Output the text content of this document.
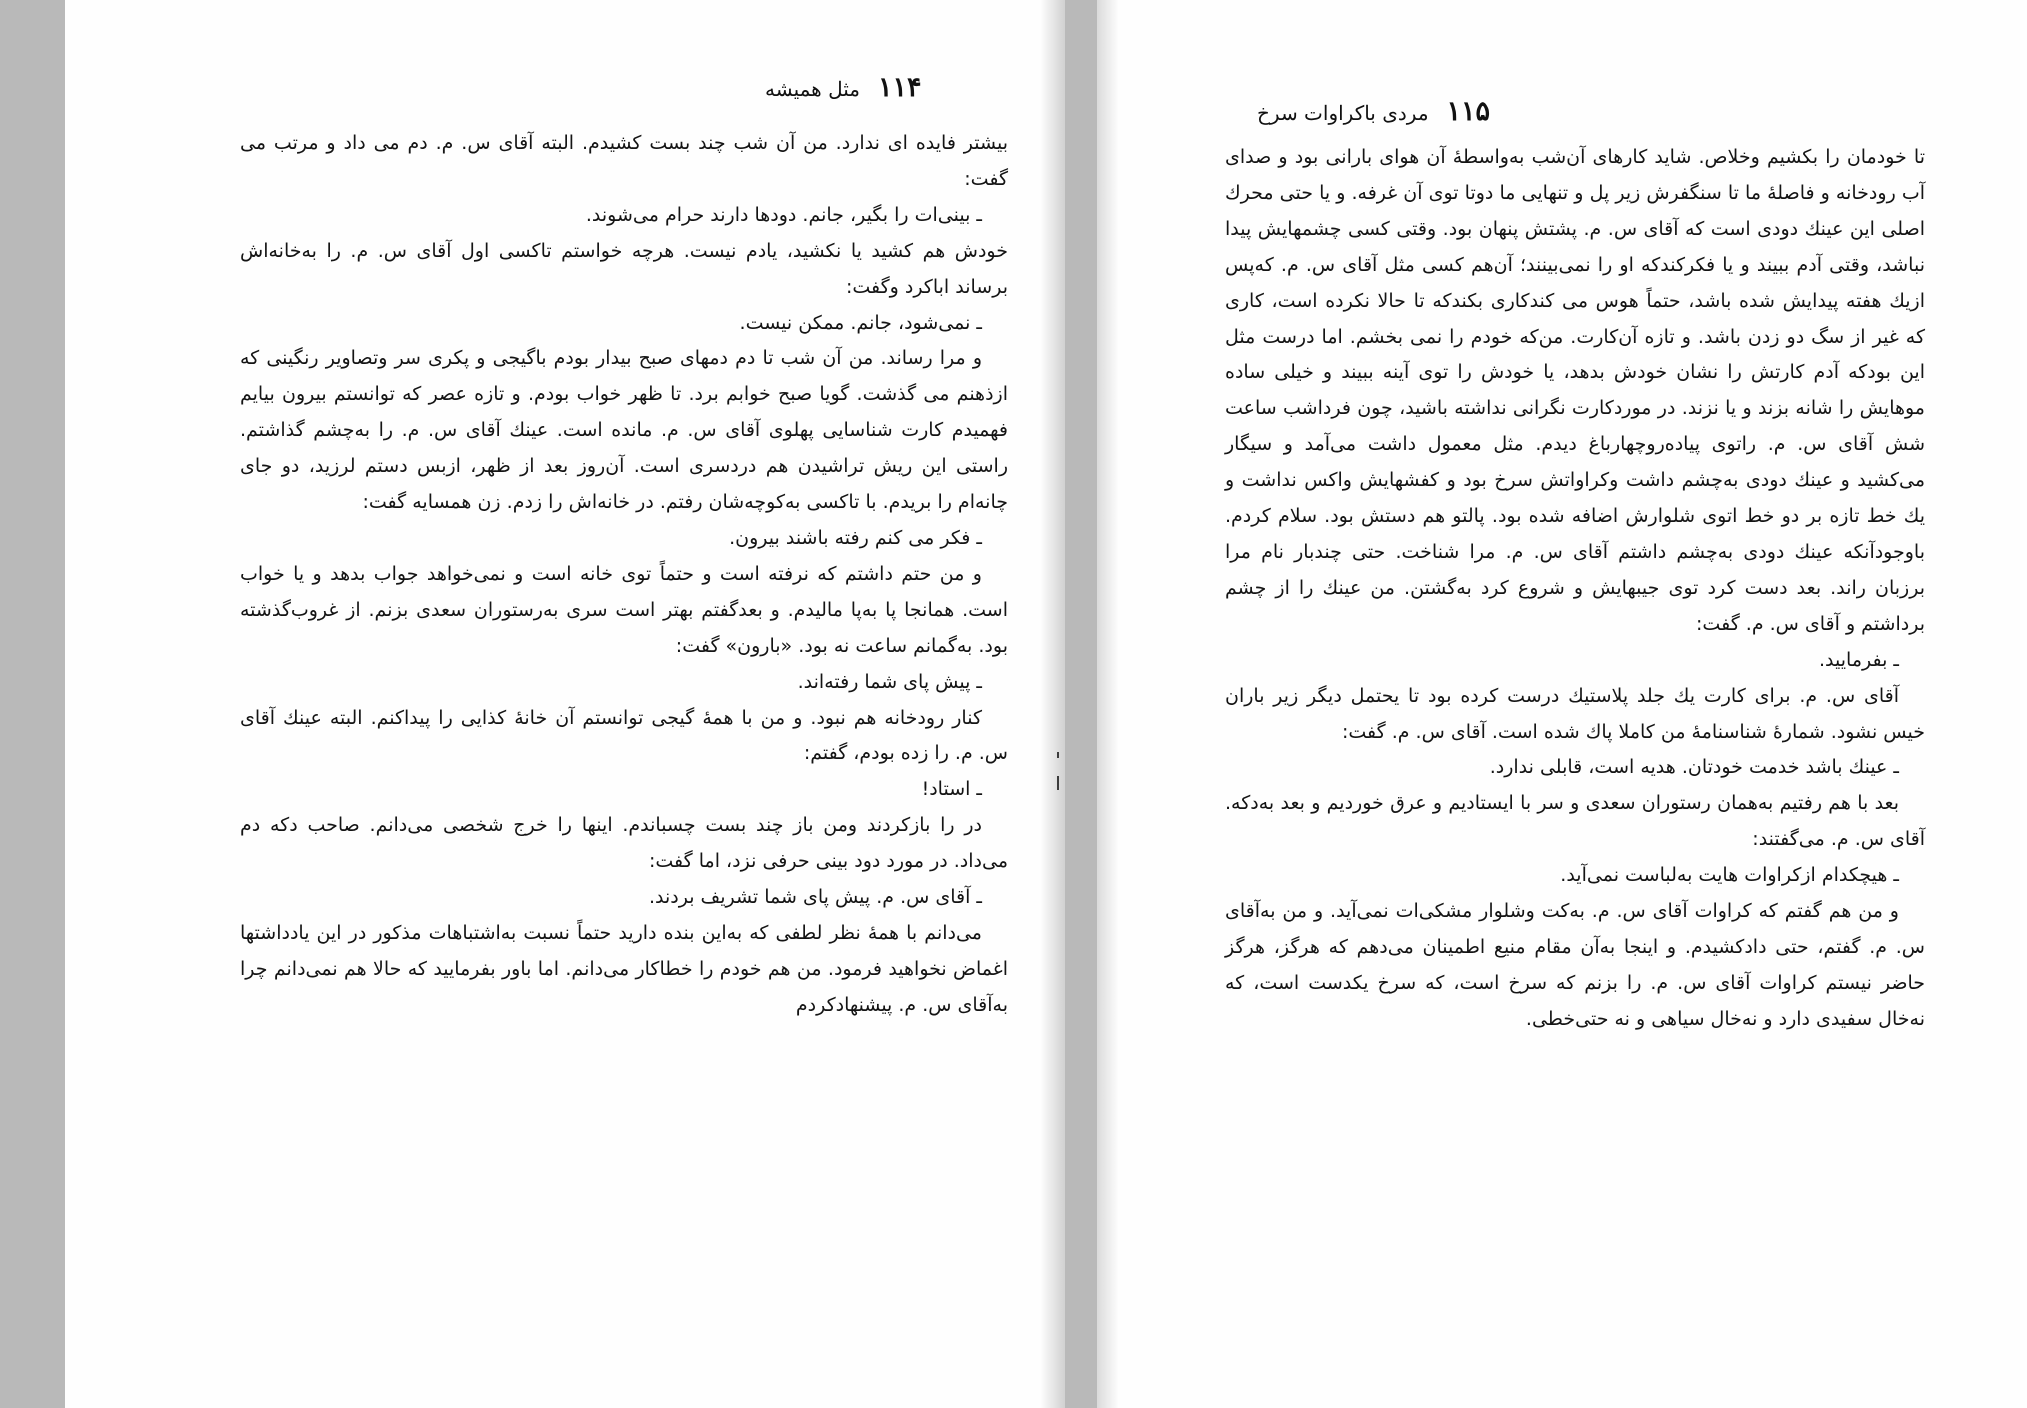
۱۱۴
مثل همیشه

بیشتر فایده ای ندارد. من آن شب چند بست کشیدم. البته آقای س. م. دم می داد و مرتب می گفت:

ـ بینی‌ات را بگیر، جانم. دودها دارند حرام می‌شوند.

خودش هم کشید یا نکشید، یادم نیست. هرچه خواستم تاکسی اول آقای س. م. را به‌خانه‌اش برساند اباکرد وگفت:

ـ نمی‌شود، جانم. ممکن نیست.

و مرا رساند. من آن شب تا دم دمهای صبح بیدار بودم باگیجی و پکری سر وتصاویر رنگینی که ازذهنم می گذشت. گویا صبح خوابم برد. تا ظهر خواب بودم. و تازه عصر که توانستم بیرون بیایم فهمیدم کارت شناسایی پهلوی آقای س. م. مانده است. عینك آقای س. م. را به‌چشم گذاشتم. راستی این ریش تراشیدن هم دردسری است. آن‌روز بعد از ظهر، ازبس دستم لرزید، دو جای چانه‌ام را بریدم. با تاکسی به‌کوچه‌شان رفتم. در خانه‌اش را زدم. زن همسایه گفت:

ـ فکر می کنم رفته باشند بیرون.

و من حتم داشتم که نرفته است و حتماً توی خانه است و نمی‌خواهد جواب بدهد و یا خواب است. همانجا پا به‌پا مالیدم. و بعدگفتم بهتر است سری به‌رستوران سعدی بزنم. از غروب‌گذشته بود. به‌گمانم ساعت نه بود. «بارون» گفت:

ـ پیش پای شما رفته‌اند.

کنار رودخانه هم نبود. و من با همهٔ گیجی توانستم آن خانهٔ کذایی را پیداکنم. البته عینك آقای س. م. را زده بودم، گفتم:

ـ استاد!

در را بازکردند ومن باز چند بست چسباندم. اینها را خرج شخصی می‌دانم. صاحب دکه دم می‌داد. در مورد دود بینی حرفی نزد، اما گفت:

ـ آقای س. م. پیش پای شما تشریف بردند.

می‌دانم با همهٔ نظر لطفی که به‌این بنده دارید حتماً نسبت به‌اشتباهات مذکور در این یادداشتها اغماض نخواهید فرمود. من هم خودم را خطاکار می‌دانم. اما باور بفرمایید که حالا هم نمی‌دانم چرا به‌آقای س. م. پیشنهادکردم

۱۱۵
مردی باکراوات سرخ

تا خودمان را بکشیم وخلاص. شاید کارهای آن‌شب به‌واسطهٔ آن هوای بارانی بود و صدای آب رودخانه و فاصلهٔ ما تا سنگفرش زیر پل و تنهایی ما دوتا توی آن غرفه. و یا حتی محرك اصلی این عینك دودی است که آقای س. م. پشتش پنهان بود. وقتی کسی چشمهایش پیدا نباشد، وقتی آدم ببیند و یا فکرکندکه او را نمی‌بینند؛ آن‌هم کسی مثل آقای س. م. که‌پس ازیك هفته پیدایش شده باشد، حتماً هوس می کندکاری بکندکه تا حالا نکرده است، کاری که غیر از سگ دو زدن باشد. و تازه آن‌کارت. من‌که خودم را نمی بخشم. اما درست مثل این بودکه آدم کارتش را نشان خودش بدهد، یا خودش را توی آینه ببیند و خیلی ساده موهایش را شانه بزند و یا نزند. در موردکارت نگرانی نداشته باشید، چون فرداشب ساعت شش آقای س. م. راتوی پیاده‌روچهارباغ دیدم. مثل معمول داشت می‌آمد و سیگار می‌کشید و عینك دودی به‌چشم داشت وکراواتش سرخ بود و کفشهایش واکس نداشت و یك خط تازه بر دو خط اتوی شلوارش اضافه شده بود. پالتو هم دستش بود. سلام کردم. باوجودآنکه عینك دودی به‌چشم داشتم آقای س. م. مرا شناخت. حتی چندبار نام مرا برزبان راند. بعد دست کرد توی جیبهایش و شروع کرد به‌گشتن. من عینك را از چشم برداشتم و آقای س. م. گفت:

ـ بفرمایید.

آقای س. م. برای کارت یك جلد پلاستیك درست کرده بود تا یحتمل دیگر زیر باران خیس نشود. شمارهٔ شناسنامهٔ من کاملا پاك شده است. آقای س. م. گفت:

ـ عینك باشد خدمت خودتان. هدیه است، قابلی ندارد.

بعد با هم رفتیم به‌همان رستوران سعدی و سر با ایستادیم و عرق خوردیم و بعد به‌دکه. آقای س. م. می‌گفتند:

ـ هیچکدام ازکراوات هایت به‌لباست نمی‌آید.

و من هم گفتم که کراوات آقای س. م. به‌کت وشلوار مشکی‌ات نمی‌آید. و من به‌آقای س. م. گفتم، حتی دادکشیدم. و اینجا به‌آن مقام منیع اطمینان می‌دهم که هرگز، هرگز حاضر نیستم کراوات آقای س. م. را بزنم که سرخ است، که سرخ یکدست است، که نه‌خال سفیدی دارد و نه‌خال سیاهی و نه حتی‌خطی.
